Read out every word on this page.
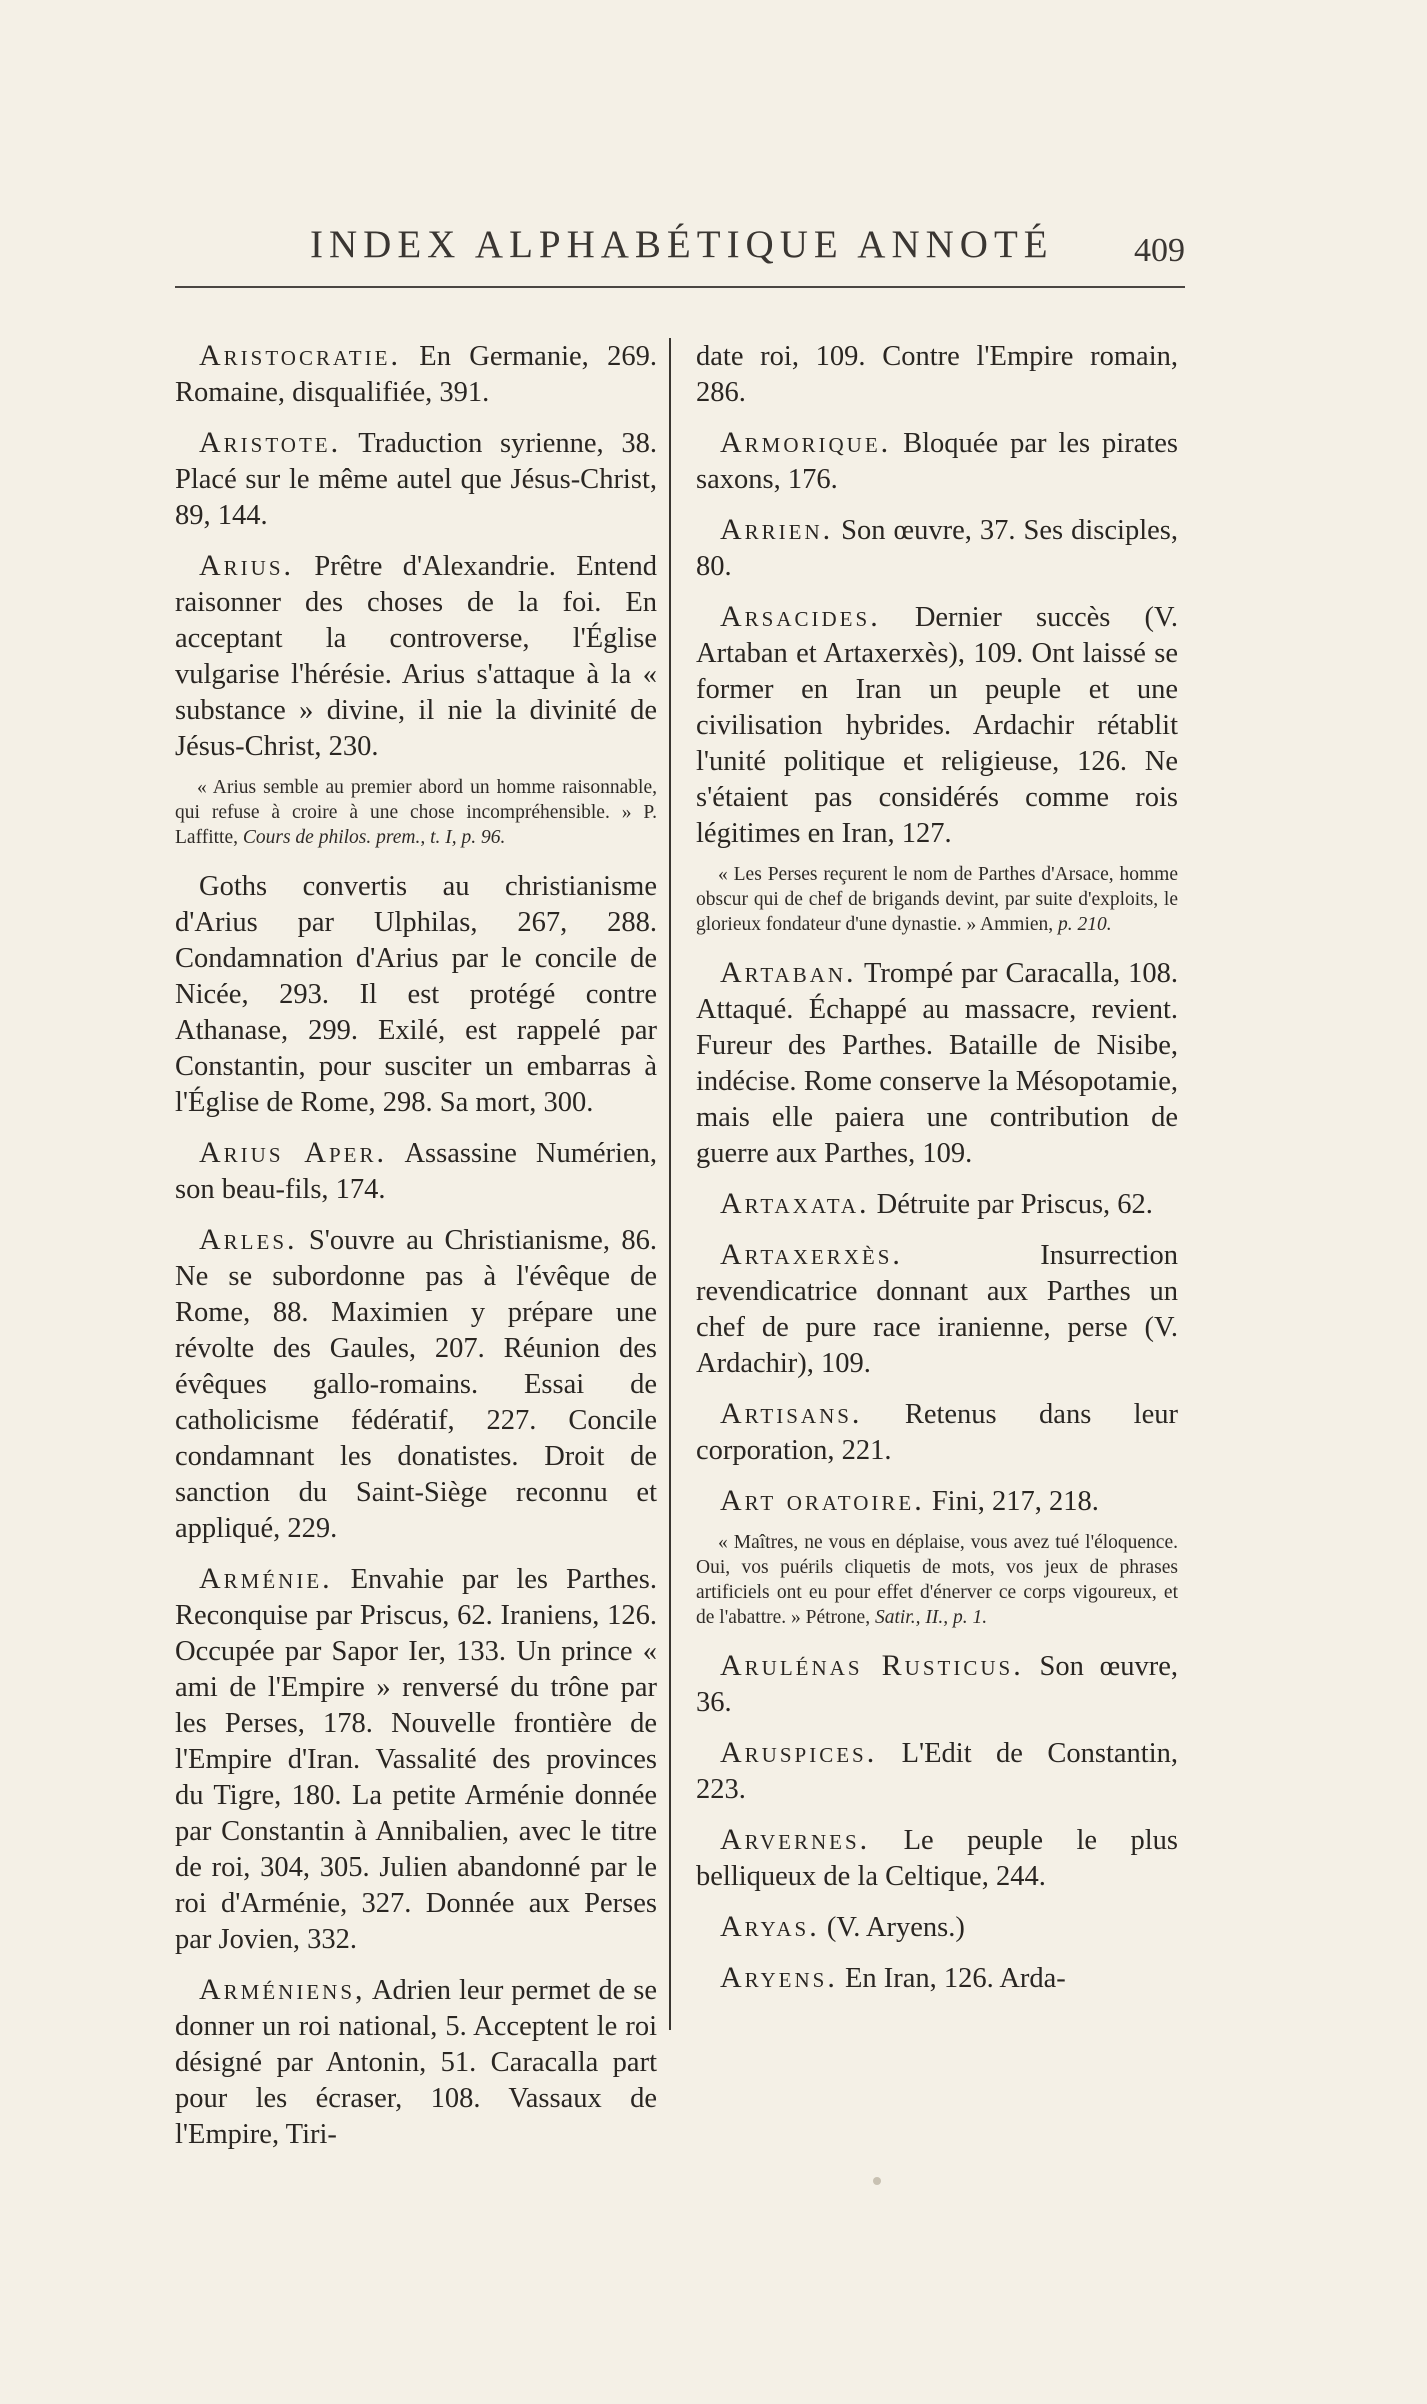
INDEX ALPHABÉTIQUE ANNOTÉ 409

Aristocratie. En Germanie, 269. Romaine, disqualifiée, 391.

Aristote. Traduction syrienne, 38. Placé sur le même autel que Jésus-Christ, 89, 144.

Arius. Prêtre d'Alexandrie. Entend raisonner des choses de la foi. En acceptant la controverse, l'Église vulgarise l'hérésie. Arius s'attaque à la « substance » divine, il nie la divinité de Jésus-Christ, 230.

« Arius semble au premier abord un homme raisonnable, qui refuse à croire à une chose incompréhensible. » P. Laffitte, Cours de philos. prem., t. I, p. 96.

Goths convertis au christianisme d'Arius par Ulphilas, 267, 288. Condamnation d'Arius par le concile de Nicée, 293. Il est protégé contre Athanase, 299. Exilé, est rappelé par Constantin, pour susciter un embarras à l'Église de Rome, 298. Sa mort, 300.

Arius Aper. Assassine Numérien, son beau-fils, 174.

Arles. S'ouvre au Christianisme, 86. Ne se subordonne pas à l'évêque de Rome, 88. Maximien y prépare une révolte des Gaules, 207. Réunion des évêques gallo-romains. Essai de catholicisme fédératif, 227. Concile condamnant les donatistes. Droit de sanction du Saint-Siège reconnu et appliqué, 229.

Arménie. Envahie par les Parthes. Reconquise par Priscus, 62. Iraniens, 126. Occupée par Sapor Ier, 133. Un prince « ami de l'Empire » renversé du trône par les Perses, 178. Nouvelle frontière de l'Empire d'Iran. Vassalité des provinces du Tigre, 180. La petite Arménie donnée par Constantin à Annibalien, avec le titre de roi, 304, 305. Julien abandonné par le roi d'Arménie, 327. Donnée aux Perses par Jovien, 332.

Arméniens, Adrien leur permet de se donner un roi national, 5. Acceptent le roi désigné par Antonin, 51. Caracalla part pour les écraser, 108. Vassaux de l'Empire, Tiri-

date roi, 109. Contre l'Empire romain, 286.

Armorique. Bloquée par les pirates saxons, 176.

Arrien. Son œuvre, 37. Ses disciples, 80.

Arsacides. Dernier succès (V. Artaban et Artaxerxès), 109. Ont laissé se former en Iran un peuple et une civilisation hybrides. Ardachir rétablit l'unité politique et religieuse, 126. Ne s'étaient pas considérés comme rois légitimes en Iran, 127.

« Les Perses reçurent le nom de Parthes d'Arsace, homme obscur qui de chef de brigands devint, par suite d'exploits, le glorieux fondateur d'une dynastie. » Ammien, p. 210.

Artaban. Trompé par Caracalla, 108. Attaqué. Échappé au massacre, revient. Fureur des Parthes. Bataille de Nisibe, indécise. Rome conserve la Mésopotamie, mais elle paiera une contribution de guerre aux Parthes, 109.

Artaxata. Détruite par Priscus, 62.

Artaxerxès. Insurrection revendicatrice donnant aux Parthes un chef de pure race iranienne, perse (V. Ardachir), 109.

Artisans. Retenus dans leur corporation, 221.

Art oratoire. Fini, 217, 218.

« Maîtres, ne vous en déplaise, vous avez tué l'éloquence. Oui, vos puérils cliquetis de mots, vos jeux de phrases artificiels ont eu pour effet d'énerver ce corps vigoureux, et de l'abattre. » Pétrone, Satir., II., p. 1.

Arulénas Rusticus. Son œuvre, 36.

Aruspices. L'Edit de Constantin, 223.

Arvernes. Le peuple le plus belliqueux de la Celtique, 244.

Aryas. (V. Aryens.)

Aryens. En Iran, 126. Arda-
